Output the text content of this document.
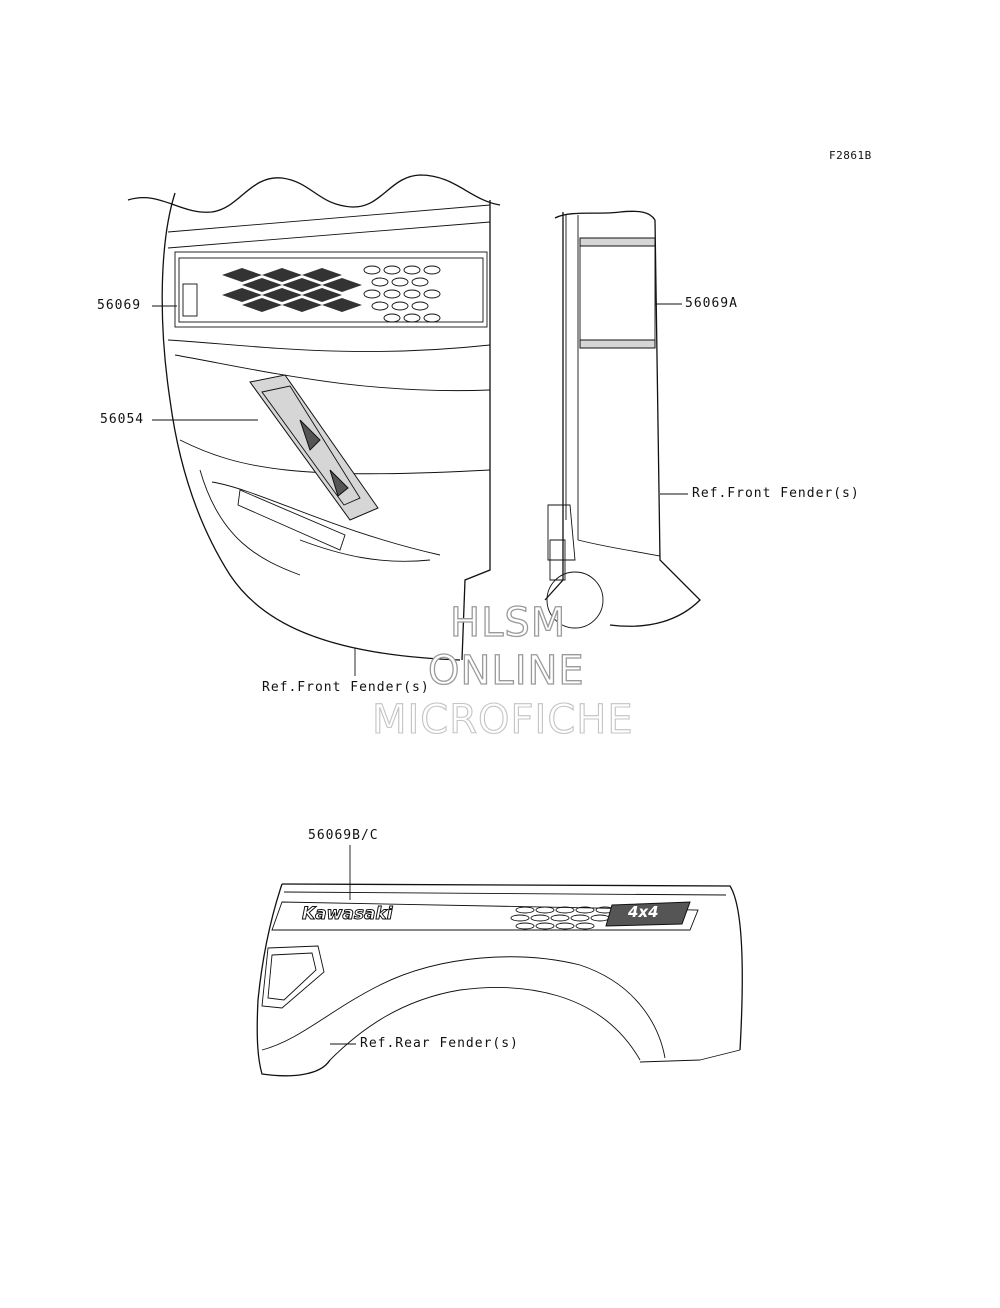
Kawasaki	4x4
F2861B
56069	56069A
56054
Ref.Front Fender(s)
Ref.Front Fender(s)
56069B/C
Ref.Rear Fender(s)
HLSM
ONLINE
MICROFICHE
